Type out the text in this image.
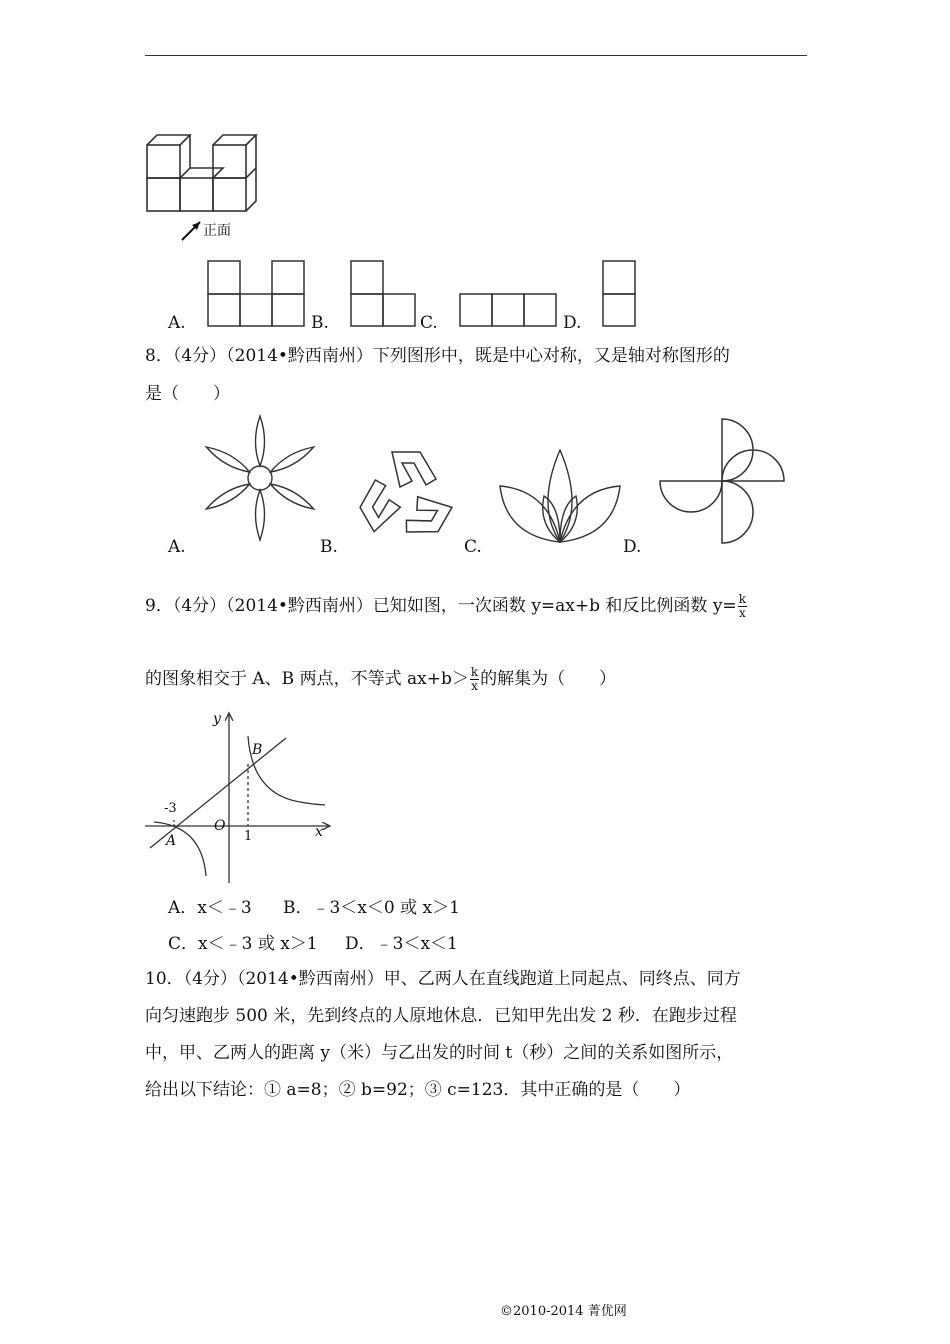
正面
A.	B.	C.	D.
8．（4分）（2014•黔西南州）下列图形中，既是中心对称，又是轴对称图形的
是（　　）
A.	B.	C.	D.
9．（4分）（2014•黔西南州）已知如图，一次函数 y=ax+b 和反比例函数 $y= \frac{k}{x}$
的图象相交于 A、B 两点，不等式 $ax+b> \frac{k}{x}$ 的解集为（　　）
y
x
O
B
A
-3
1
A．x＜﹣3 B．﹣3＜x＜0 或 x＞1
C．x＜﹣3 或 x＞1 D．﹣3＜x＜1
10．（4分）（2014•黔西南州）甲、乙两人在直线跑道上同起点、同终点、同方
向匀速跑步 500 米，先到终点的人原地休息．已知甲先出发 2 秒．在跑步过程
中，甲、乙两人的距离 y（米）与乙出发的时间 t（秒）之间的关系如图所示，
给出以下结论：① a=8；② b=92；③ c=123．其中正确的是（　　）
©2010-2014 菁优网
